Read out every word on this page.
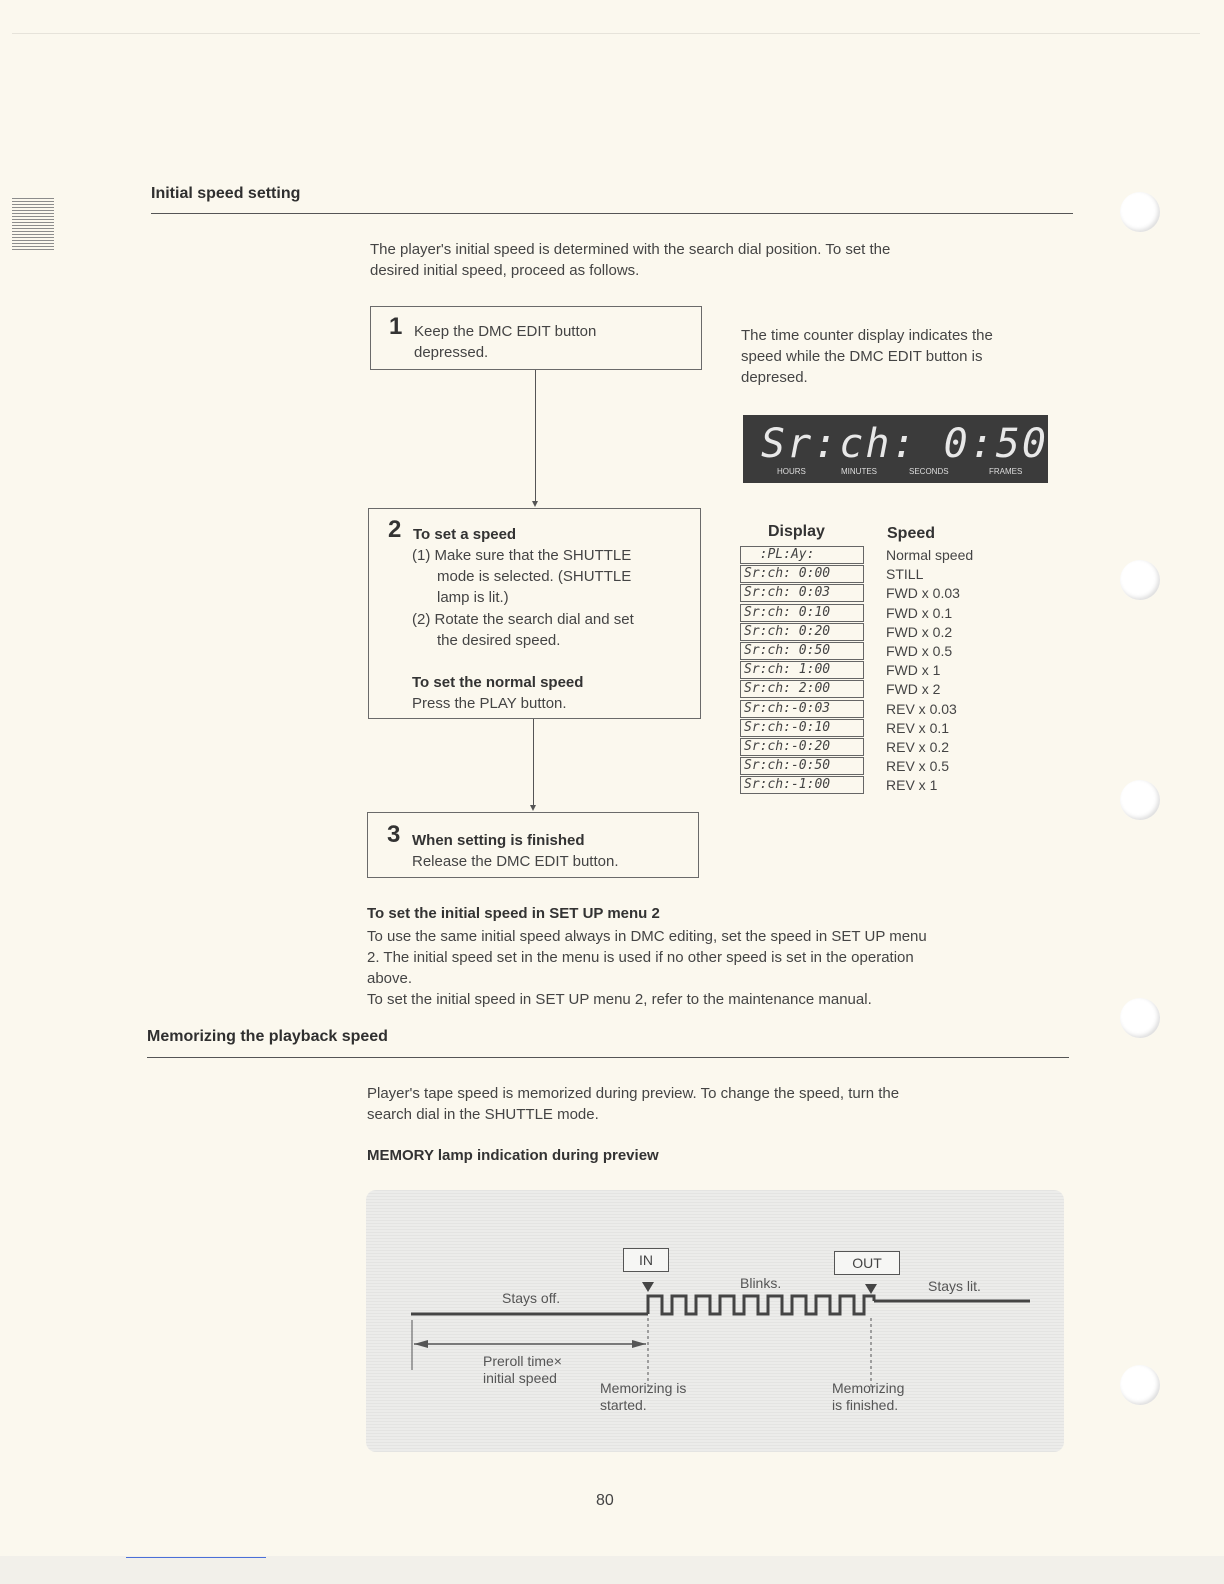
Initial speed setting
The player's initial speed is determined with the search dial position. To set the
desired initial speed, proceed as follows.
1 Keep the DMC EDIT button
depressed.
2 To set a speed
(1) Make sure that the SHUTTLE
mode is selected. (SHUTTLE
lamp is lit.)
(2) Rotate the search dial and set
the desired speed.
To set the normal speed
Press the PLAY button.
3 When setting is finished
Release the DMC EDIT button.
The time counter display indicates the
speed while the DMC EDIT button is
depresed.
Sr:ch: 0:50
HOURS	MINUTES	SECONDS	FRAMES
Display	Speed
:PL:Ay:	Normal speed
Sr:ch: 0:00	STILL
Sr:ch: 0:03	FWD x 0.03
Sr:ch: 0:10	FWD x 0.1
Sr:ch: 0:20	FWD x 0.2
Sr:ch: 0:50	FWD x 0.5
Sr:ch: 1:00	FWD x 1
Sr:ch: 2:00	FWD x 2
Sr:ch:-0:03	REV x 0.03
Sr:ch:-0:10	REV x 0.1
Sr:ch:-0:20	REV x 0.2
Sr:ch:-0:50	REV x 0.5
Sr:ch:-1:00	REV x 1
To set the initial speed in SET UP menu 2
To use the same initial speed always in DMC editing, set the speed in SET UP menu
2. The initial speed set in the menu is used if no other speed is set in the operation
above.
To set the initial speed in SET UP menu 2, refer to the maintenance manual.
Memorizing the playback speed
Player's tape speed is memorized during preview. To change the speed, turn the
search dial in the SHUTTLE mode.
MEMORY lamp indication during preview
IN	OUT
Stays off.
Blinks.	Stays lit.
Preroll time×
initial speed
Memorizing is
started.
Memorizing
is finished.
80
